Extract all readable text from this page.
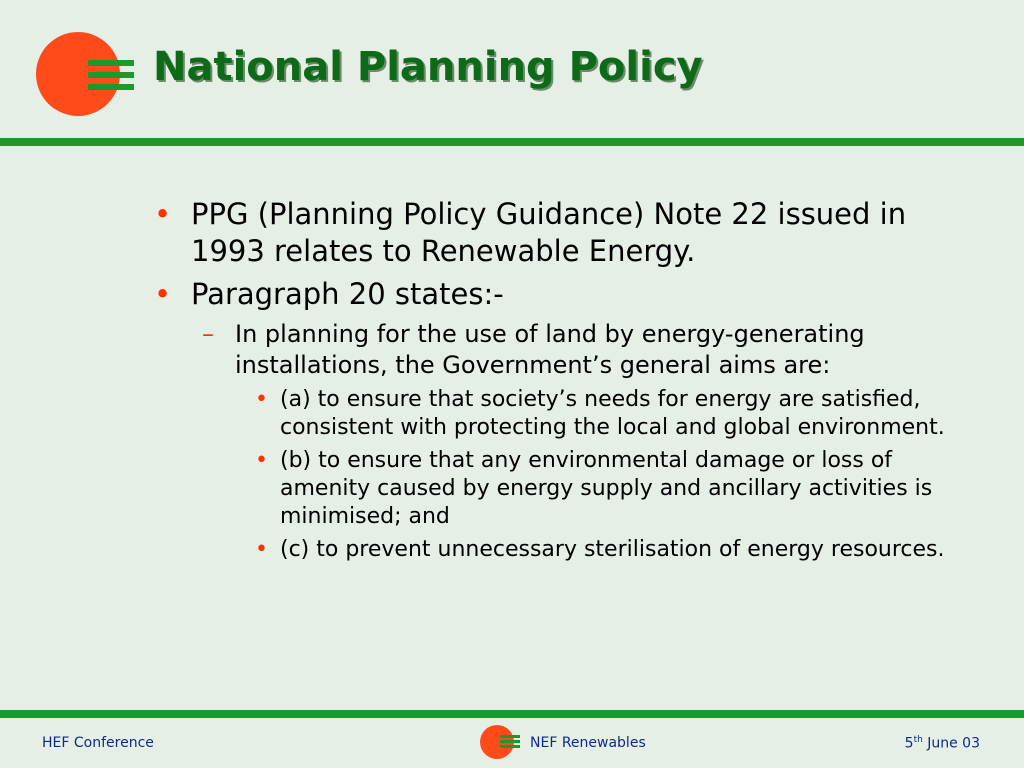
National Planning Policy
• PPG (Planning Policy Guidance) Note 22 issued in 1993 relates to Renewable Energy.
• Paragraph 20 states:-
– In planning for the use of land by energy-generating installations, the Government’s general aims are:
• (a) to ensure that society’s needs for energy are satisfied, consistent with protecting the local and global environment.
• (b) to ensure that any environmental damage or loss of amenity caused by energy supply and ancillary activities is minimised; and
• (c) to prevent unnecessary sterilisation of energy resources.
HEF Conference	NEF Renewables	5th June 03
